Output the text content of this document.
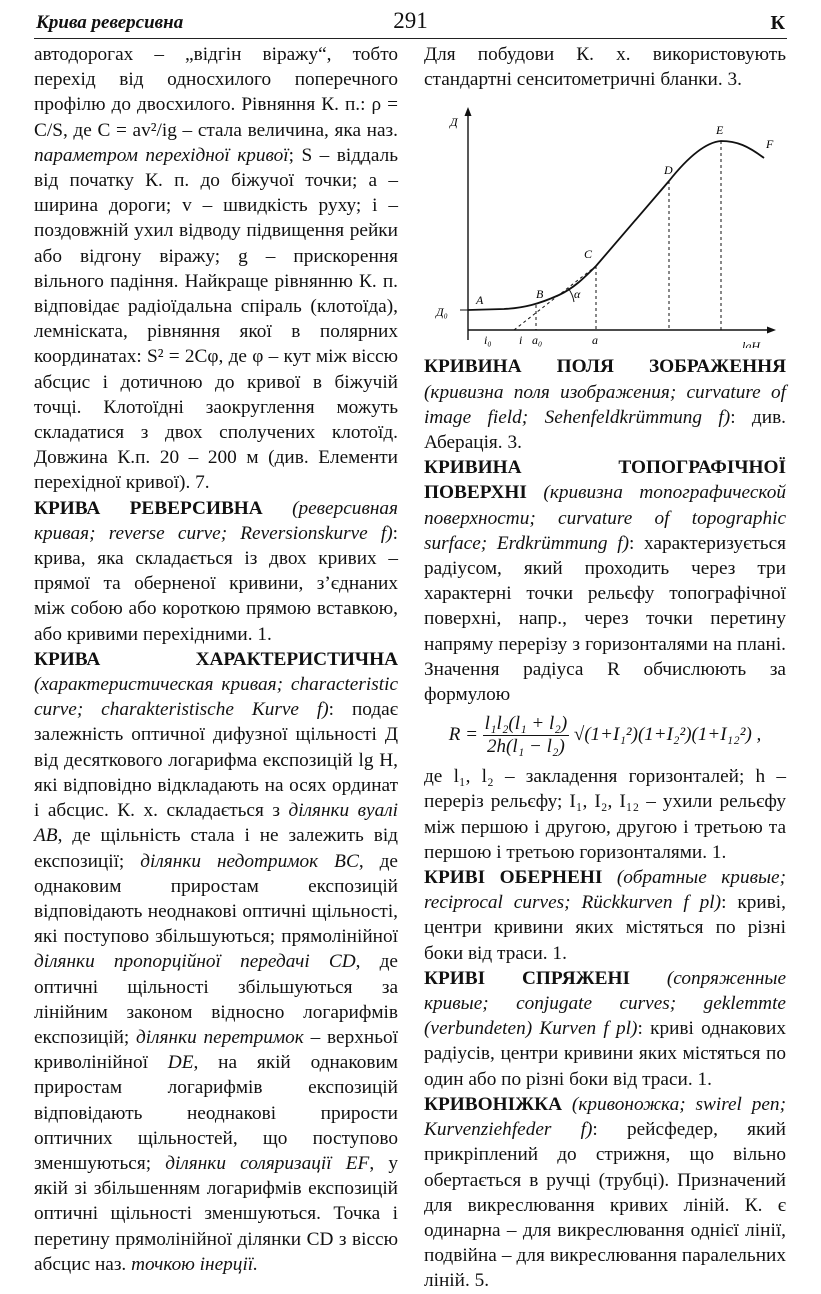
Крива реверсивна	291	К

автодорогах – „відгін віражу“, тобто перехід від односхилого поперечного профілю до двосхилого. Рівняння К. п.: ρ = C/S, де C = av²/ig – стала величина, яка наз. параметром перехідної кривої; S – віддаль від початку К. п. до біжучої точки; a – ширина дороги; v – швидкість руху; i – поздовжній ухил відводу підвищення рейки або відгону віражу; g – прискорення вільного падіння. Найкраще рівнянню К. п. відповідає радіоїдальна спіраль (клотоїда), лемніската, рівняння якої в полярних координатах: S² = 2Cφ, де φ – кут між віссю абсцис і дотичною до кривої в біжучій точці. Клотоїдні заокруглення можуть складатися з двох сполучених клотоїд. Довжина К.п. 20 – 200 м (див. Елементи перехідної кривої). 7.

КРИВА РЕВЕРСИВНА (реверсивная кривая; reverse curve; Reversionskurve f): крива, яка складається із двох кривих – прямої та оберненої кривини, з’єднаних між собою або короткою прямою вставкою, або кривими перехідними. 1.

КРИВА ХАРАКТЕРИСТИЧНА (характеристическая кривая; characteristic curve; charakteristische Kurve f): подає залежність оптичної дифузної щільності Д від десяткового логарифма експозицій lg H, які відповідно відкладають на осях ординат і абсцис. К. х. складається з ділянки вуалі AB, де щільність стала і не залежить від експозиції; ділянки недотримок BC, де однаковим приростам експозицій відповідають неоднакові оптичні щільності, які поступово збільшуються; прямолінійної ділянки пропорційної передачі CD, де оптичні щільності збільшуються за лінійним законом відносно логарифмів експозицій; ділянки перетримок – верхньої криволінійної DE, на якій однаковим приростам логарифмів експозицій відповідають неоднакові прирости оптичних щільностей, що поступово зменшуються; ділянки соляризації EF, у якій зі збільшенням логарифмів експозицій оптичні щільності зменшуються. Точка i перетину прямолінійної ділянки CD з віссю абсцис наз. точкою інерції.

Для побудови К. х. використовують стандартні сенситометричні бланки. 3.

Д
lgH
Д₀
A	B
C
D
E
F
α
i
i₀	a₀	a

КРИВИНА ПОЛЯ ЗОБРАЖЕННЯ (кривизна поля изображения; curvature of image field; Sehenfeldkrümmung f): див. Аберація. 3.

КРИВИНА ТОПОГРАФІЧНОЇ ПОВЕРХНІ (кривизна топографической поверхности; curvature of topographic surface; Erdkrümmung f): характеризується радіусом, який проходить через три характерні точки рельєфу топографічної поверхні, напр., через точки перетину напряму перерізу з горизонталями на плані. Значення радіуса R обчислюють за формулою

$R = \frac{\text{l₁l₂(l₁ + l₂)}}{\text{2h(l₁ − l₂)}} √(1+I_1^2)(1+I_2^2)(1+I_{12}^2)$ ,

де l₁, l₂ – закладення горизонталей; h – переріз рельєфу; I₁, I₂, I₁₂ – ухили рельєфу між першою і другою, другою і третьою та першою і третьою горизонталями. 1.

КРИВІ ОБЕРНЕНІ (обратные кривые; reciprocal curves; Rückkurven f pl): криві, центри кривини яких містяться по різні боки від траси. 1.

КРИВІ СПРЯЖЕНІ (сопряженные кривые; conjugate curves; geklemmte (verbundeten) Kurven f pl): криві однакових радіусів, центри кривини яких містяться по один або по різні боки від траси. 1.

КРИВОНІЖКА (кривоножка; swirel pen; Kurvenziehfeder f): рейсфедер, який прикріплений до стрижня, що вільно обертається в ручці (трубці). Призначений для викреслювання кривих ліній. К. є одинарна – для викреслювання однієї лінії, подвійна – для викреслювання паралельних ліній. 5.
